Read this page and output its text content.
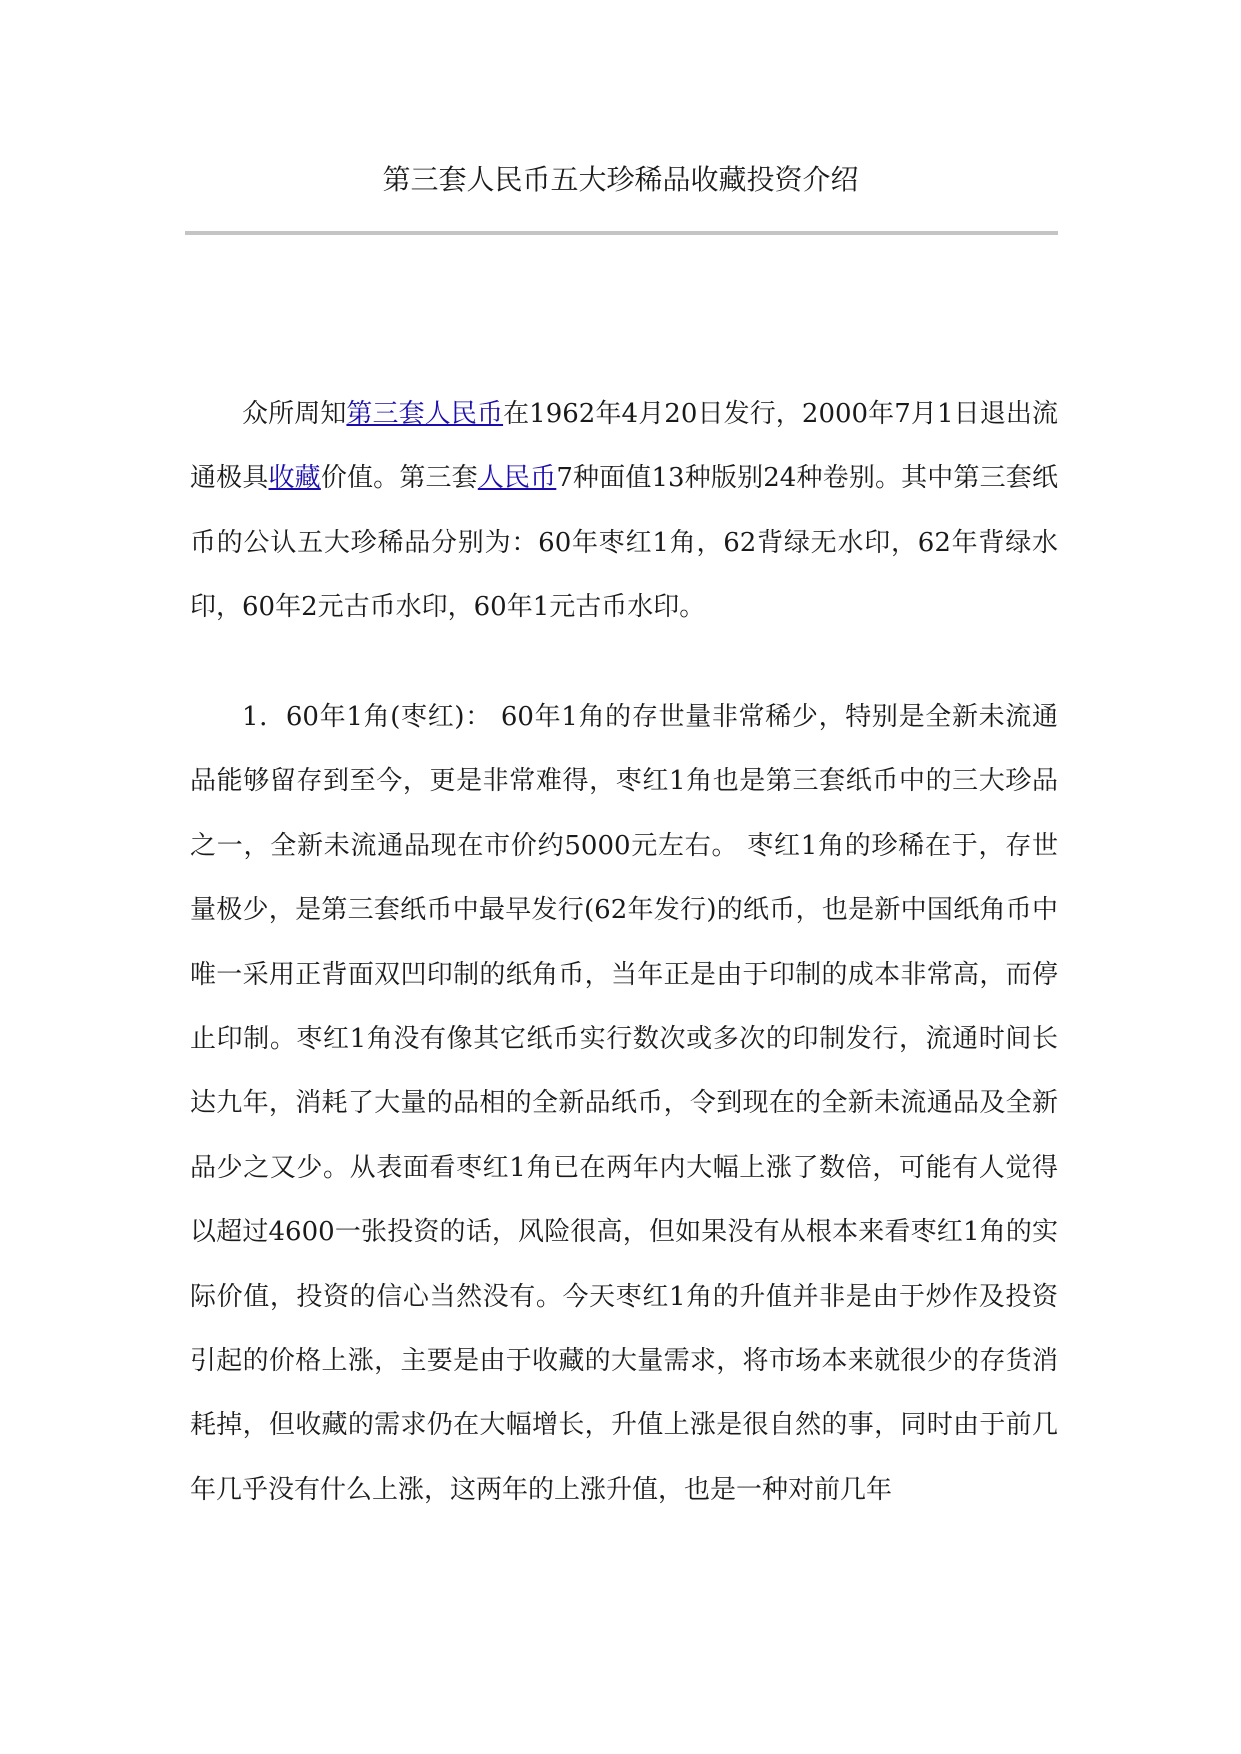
第三套人民币五大珍稀品收藏投资介绍

众所周知第三套人民币在1962年4月20日发行，2000年7月1日退出流通极具收藏价值。第三套人民币7种面值13种版别24种卷别。其中第三套纸币的公认五大珍稀品分别为：60年枣红1角，62背绿无水印，62年背绿水印，60年2元古币水印，60年1元古币水印。

1．60年1角(枣红)： 60年1角的存世量非常稀少，特别是全新未流通品能够留存到至今，更是非常难得，枣红1角也是第三套纸币中的三大珍品之一，全新未流通品现在市价约5000元左右。 枣红1角的珍稀在于，存世量极少，是第三套纸币中最早发行(62年发行)的纸币，也是新中国纸角币中唯一采用正背面双凹印制的纸角币，当年正是由于印制的成本非常高，而停止印制。枣红1角没有像其它纸币实行数次或多次的印制发行，流通时间长达九年，消耗了大量的品相的全新品纸币，令到现在的全新未流通品及全新品少之又少。从表面看枣红1角已在两年内大幅上涨了数倍，可能有人觉得以超过4600一张投资的话，风险很高，但如果没有从根本来看枣红1角的实际价值，投资的信心当然没有。今天枣红1角的升值并非是由于炒作及投资引起的价格上涨，主要是由于收藏的大量需求，将市场本来就很少的存货消耗掉，但收藏的需求仍在大幅增长，升值上涨是很自然的事，同时由于前几年几乎没有什么上涨，这两年的上涨升值，也是一种对前几年
